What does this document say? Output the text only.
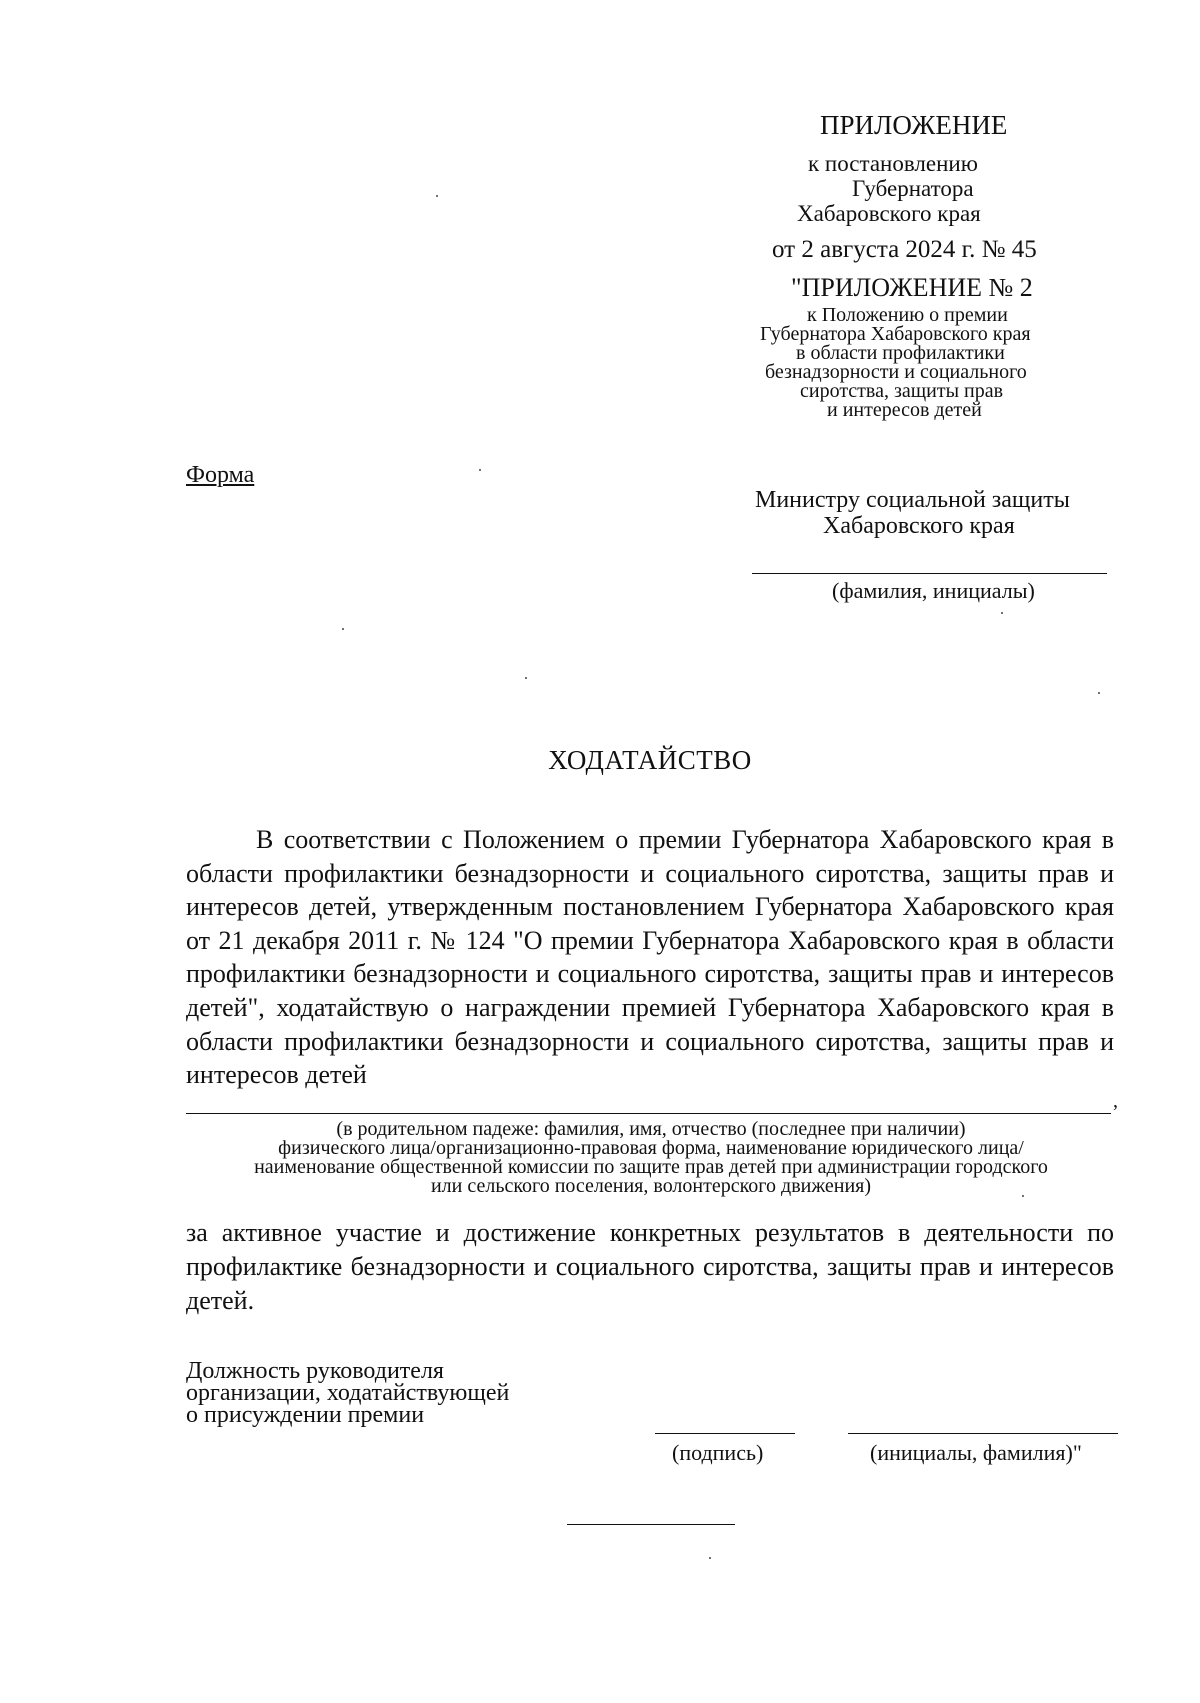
ПРИЛОЖЕНИЕ
к постановлению
Губернатора
Хабаровского края
от 2 августа 2024 г. № 45
"ПРИЛОЖЕНИЕ № 2
к Положению о премии
Губернатора Хабаровского края
в области профилактики
безнадзорности и социального
сиротства, защиты прав
и интересов детей
Форма
Министру социальной защиты
Хабаровского края
(фамилия, инициалы)
ХОДАТАЙСТВО

В соответствии с Положением о премии Губернатора Хабаровского края в области профилактики безнадзорности и социального сиротства, защиты прав и интересов детей, утвержденным постановлением Губернатора Хабаровского края от 21 декабря 2011 г. № 124 "О премии Губернатора Хабаровского края в области профилактики безнадзорности и социального сиротства, защиты прав и интересов детей", ходатайствую о награждении премией Губернатора Хабаровского края в области профилактики безнадзорности и социального сиротства, защиты прав и интересов детей

,
(в родительном падеже: фамилия, имя, отчество (последнее при наличии)
физического лица/организационно-правовая форма, наименование юридического лица/
наименование общественной комиссии по защите прав детей при администрации городского
или сельского поселения, волонтерского движения)

за активное участие и достижение конкретных результатов в деятельности по профилактике безнадзорности и социального сиротства, защиты прав и интересов детей.

Должность руководителя
организации, ходатайствующей
о присуждении премии
(подпись)	(инициалы, фамилия)"
